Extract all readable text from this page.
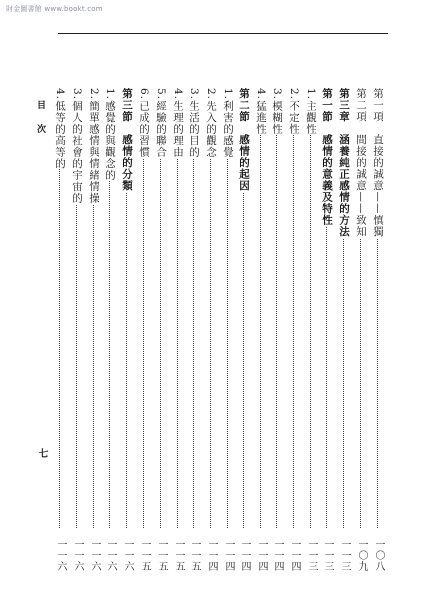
財金圖書館 www.bookt.com
目 次
七
第一項　直接的誠意——慎獨
一〇八
第二項　間接的誠意——致知
一〇九
第三章　涵養純正感情的方法
一一三
第一節　感情的意義及特性
一一三
1.主觀性
一一三
2.不定性
一一四
3.模糊性
一一四
4.猛進性
一一四
第二節　感情的起因
一一四
1.利害的感覺
一一四
2.先入的觀念
一一四
3.生活的目的
一一五
4.生理的理由
一一五
5.經驗的聯合
一一五
6.已成的習慣
一一五
第三節　感情的分類
一一六
1.感覺的與觀念的
一一六
2.簡單感情與情緒情操
一一六
3.個人的社會的宇宙的
一一六
4.低等的高等的
一一六
